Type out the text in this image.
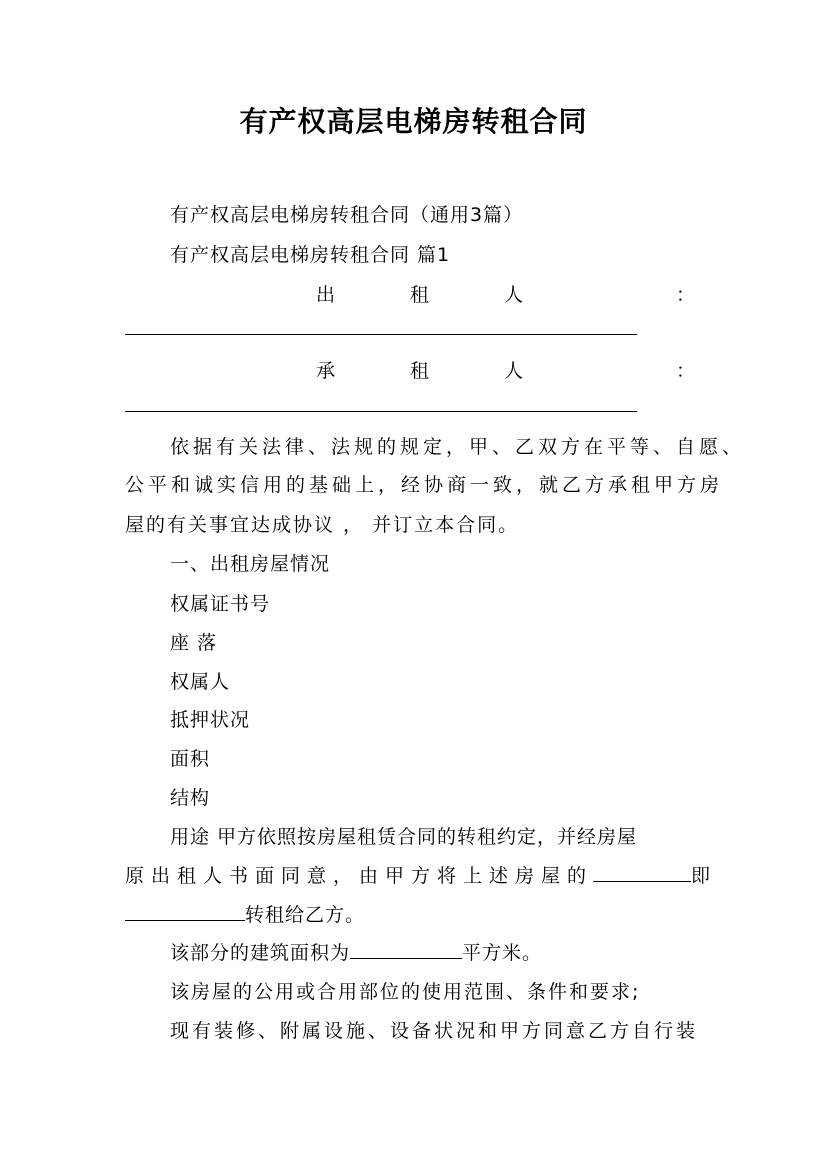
有产权高层电梯房转租合同
有产权高层电梯房转租合同（通用3篇）
有产权高层电梯房转租合同 篇1
出	租	人	：
承	租	人	：
依据有关法律、法规的规定，甲、乙双方在平等、自愿、
公平和诚实信用的基础上，经协商一致，就乙方承租甲方房
屋的有关事宜达成协议 ， 并订立本合同。
一、出租房屋情况
权属证书号
座 落
权属人
抵押状况
面积
结构
用途 甲方依照按房屋租赁合同的转租约定，并经房屋
原出租人书面同意，由甲方将上述房屋的	即
转租给乙方。
该部分的建筑面积为	平方米。
该房屋的公用或合用部位的使用范围、条件和要求;
现有装修、附属设施、设备状况和甲方同意乙方自行装
